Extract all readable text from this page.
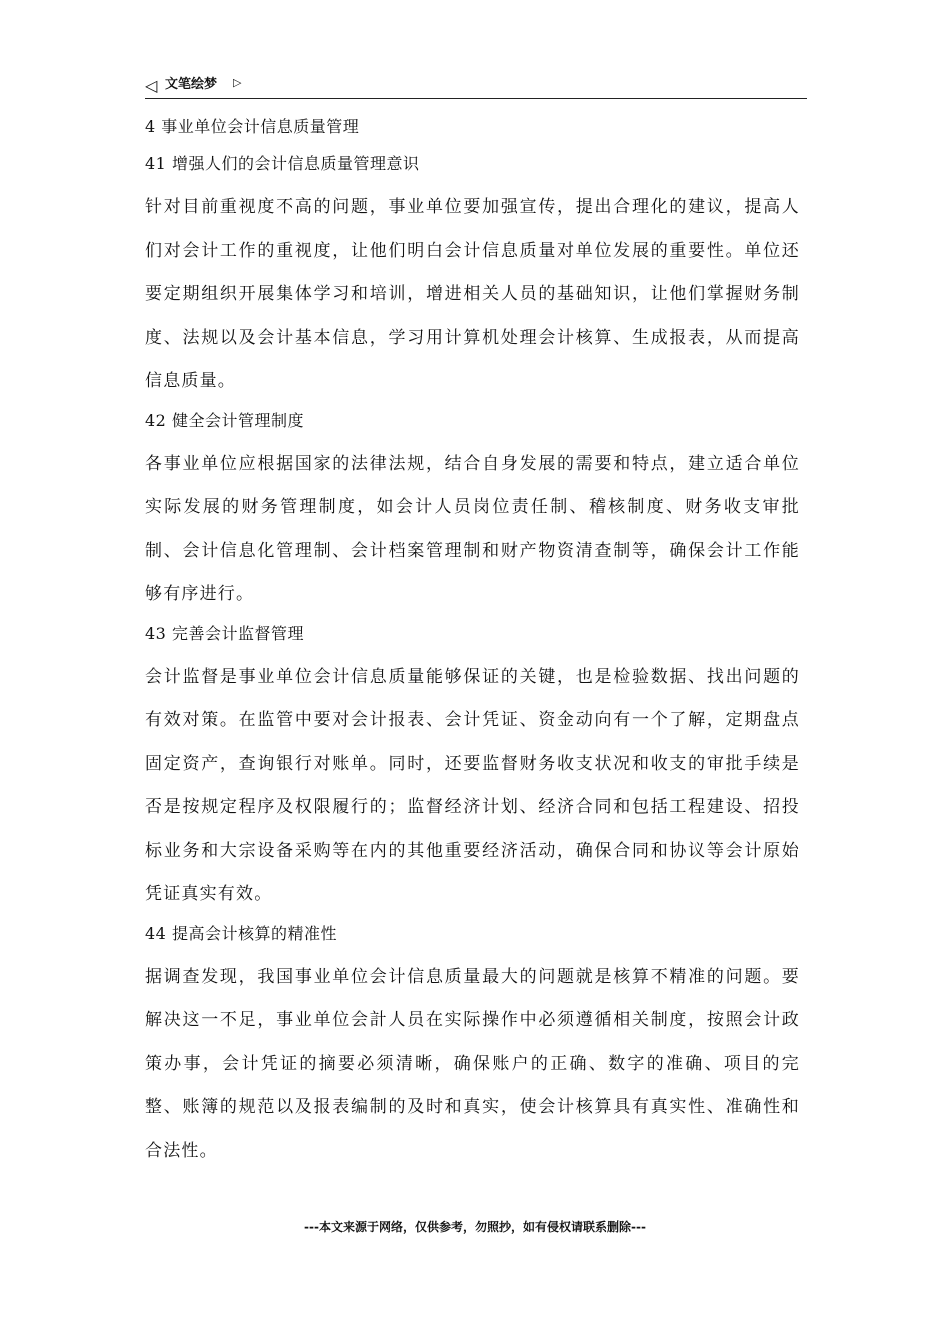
◁ 文笔绘梦 ▷
4 事业单位会计信息质量管理
41 增强人们的会计信息质量管理意识

针对目前重视度不高的问题，事业单位要加强宣传，提出合理化的建议，提高人们对会计工作的重视度，让他们明白会计信息质量对单位发展的重要性。单位还要定期组织开展集体学习和培训，增进相关人员的基础知识，让他们掌握财务制度、法规以及会计基本信息，学习用计算机处理会计核算、生成报表，从而提高信息质量。

42 健全会计管理制度

各事业单位应根据国家的法律法规，结合自身发展的需要和特点，建立适合单位实际发展的财务管理制度，如会计人员岗位责任制、稽核制度、财务收支审批制、会计信息化管理制、会计档案管理制和财产物资清查制等，确保会计工作能够有序进行。

43 完善会计监督管理

会计监督是事业单位会计信息质量能够保证的关键，也是检验数据、找出问题的有效对策。在监管中要对会计报表、会计凭证、资金动向有一个了解，定期盘点固定资产，查询银行对账单。同时，还要监督财务收支状况和收支的审批手续是否是按规定程序及权限履行的；监督经济计划、经济合同和包括工程建设、招投标业务和大宗设备采购等在内的其他重要经济活动，确保合同和协议等会计原始凭证真实有效。

44 提高会计核算的精准性

据调查发现，我国事业单位会计信息质量最大的问题就是核算不精准的问题。要解决这一不足，事业单位会計人员在实际操作中必须遵循相关制度，按照会计政策办事，会计凭证的摘要必须清晰，确保账户的正确、数字的准确、项目的完整、账簿的规范以及报表编制的及时和真实，使会计核算具有真实性、准确性和合法性。

---本文来源于网络，仅供参考，勿照抄，如有侵权请联系删除---
